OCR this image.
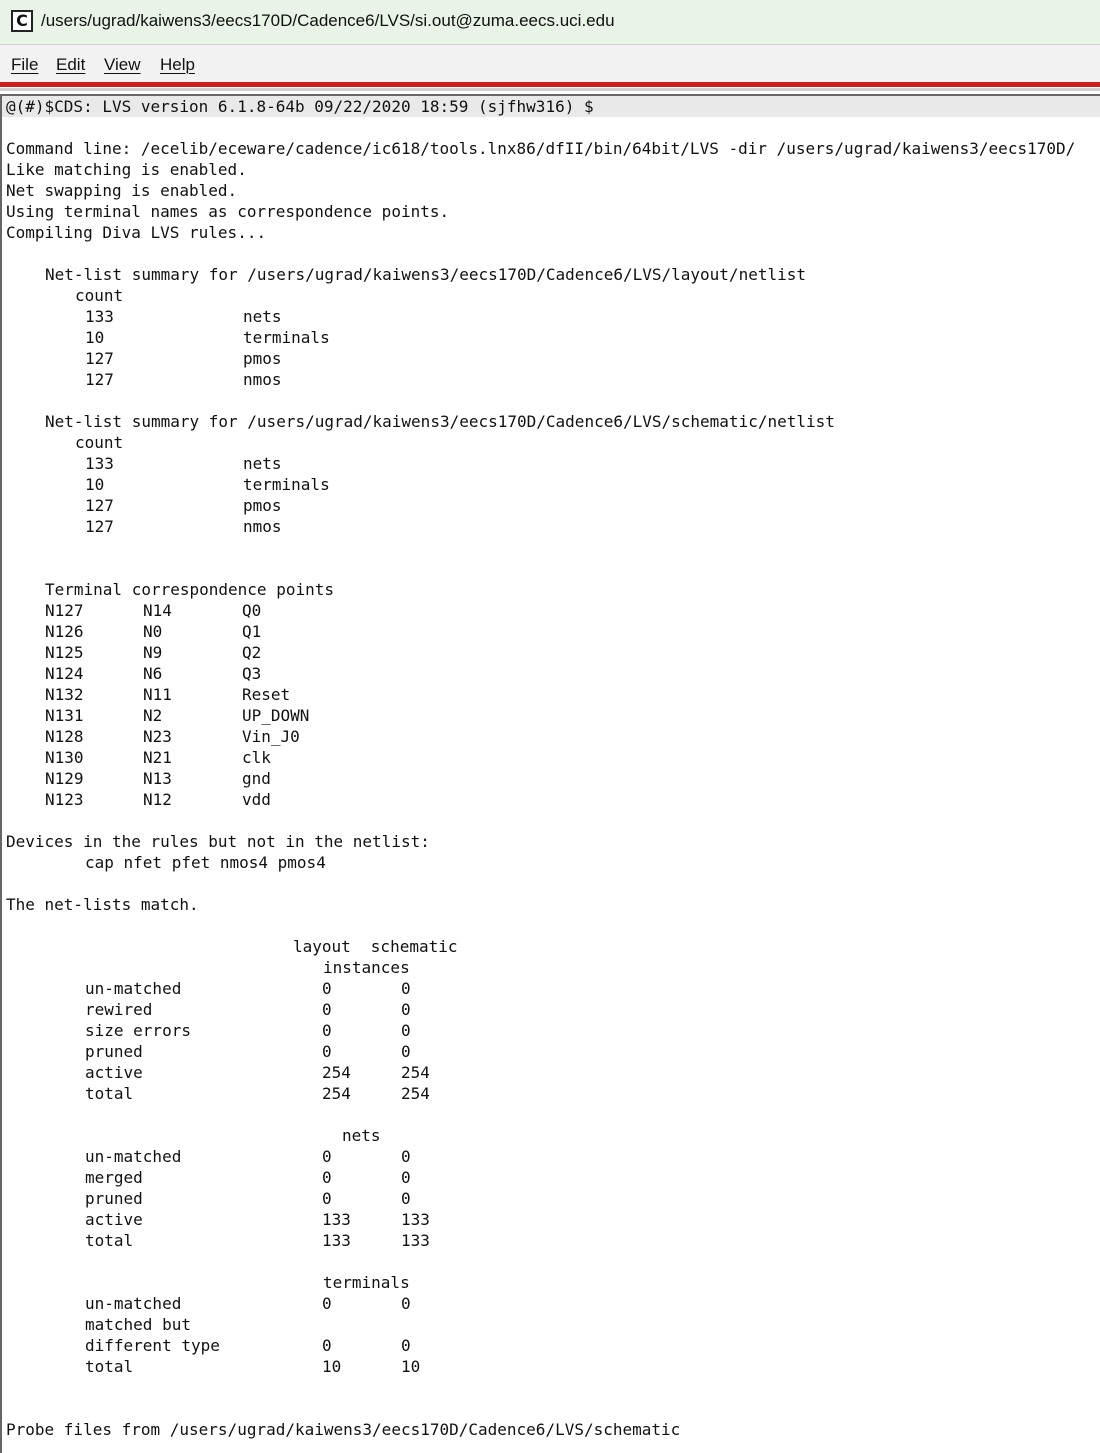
C /users/ugrad/kaiwens3/eecs170D/Cadence6/LVS/si.out@zuma.eecs.uci.edu
File Edit View Help
@(#)$CDS: LVS version 6.1.8-64b 09/22/2020 18:59 (sjfhw316) $
Command line: /ecelib/eceware/cadence/ic618/tools.lnx86/dfII/bin/64bit/LVS -dir /users/ugrad/kaiwens3/eecs170D/
Like matching is enabled.
Net swapping is enabled.
Using terminal names as correspondence points.
Compiling Diva LVS rules...
Net-list summary for /users/ugrad/kaiwens3/eecs170D/Cadence6/LVS/layout/netlist
count
133	nets
10	terminals
127	pmos
127	nmos
Net-list summary for /users/ugrad/kaiwens3/eecs170D/Cadence6/LVS/schematic/netlist
count
133	nets
10	terminals
127	pmos
127	nmos
Terminal correspondence points
N127	N14	Q0
N126	N0	Q1
N125	N9	Q2
N124	N6	Q3
N132	N11	Reset
N131	N2	UP_DOWN
N128	N23	Vin_J0
N130	N21	clk
N129	N13	gnd
N123	N12	vdd
Devices in the rules but not in the netlist:
cap nfet pfet nmos4 pmos4
The net-lists match.
layout schematic
instances
un-matched	0	0
rewired	0	0
size errors	0	0
pruned	0	0
active	254	254
total	254	254
nets
un-matched	0	0
merged	0	0
pruned	0	0
active	133	133
total	133	133
terminals
un-matched	0	0
matched but
different type	0	0
total	10	10
Probe files from /users/ugrad/kaiwens3/eecs170D/Cadence6/LVS/schematic
